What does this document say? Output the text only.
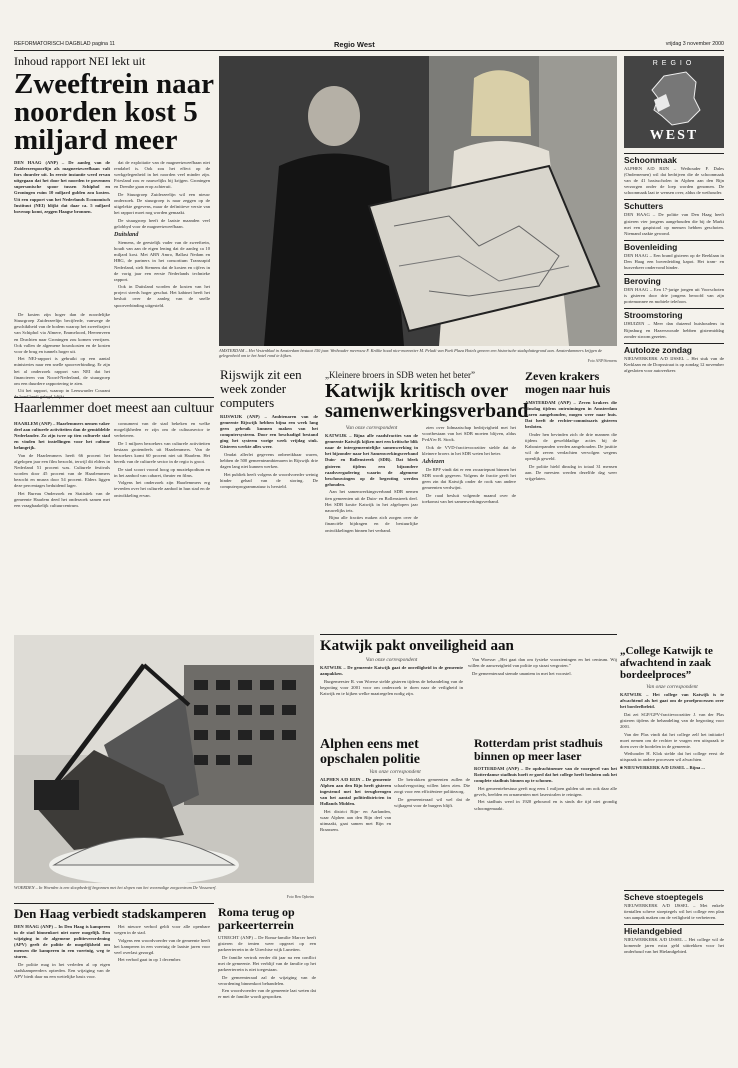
REFORMATORISCH DAGBLAD pagina 11	Regio West	vrijdag 3 november 2000
Inhoud rapport NEI lekt uit
Zweeftrein naar noorden kost 5 miljard meer
DEN HAAG (ANP) – De aanleg van de Zuiderzeespoorlijn als magneetzweefbaan valt fors duurder uit. In eerste instantie werd ervan uitgegaan dat het door het noorden te povennen supersonische spoor tussen Schiphol en Groningen ruim 10 miljard gulden zou kosten. Uit een rapport van het Nederlands Economisch Instituut (NEI) blijkt dat daar ca. 5 miljard bovenop komt, zeggen Haagse bronnen.

dat de exploitatie van de magneetzweefbaan niet rendabel is. Ook zou het effect op de werkgelegenheid in het noorden veel minder zijn. Friesland zou er nauwelijks bij krijgen. Groningen en Drenthe gaan erop achteruit.

De Stuurgroep Zuiderzeelijn wil een nieuw onderzoek. De stuurgroep is naar zeggen op de uitgelekte gegevens, maar de definitieve versie van het rapport moet nog worden gemaakt.

De stuurgroep heeft de laatste maanden veel gelobbyd voor de magneetzweefbaan.

Duitsland

Siemens, de geestelijk vader van de zweeftrein, houdt van aan de eigen lening dat de aanleg ca 10 miljard kost. Met ABN Amro, Ballast Nedam en HBG, de partners in het consortium Transrapid Nederland, stelt Siemens dat de kosten en cijfers in de vorig jaar een eerste Nederlands technieke rapport.

Ook in Duitsland worden de kosten van het project steeds hoger geschat. Het kabinet heeft het besluit over de aanleg van de snelle spoorverbinding uitgesteld.

De kosten zijn hoger dan de noordelijke Stuurgroep Zuiderzeelijn becijferde, vanwege de geschiktheid van de bodem waarop het zweeftraject van Schiphol via Almere, Emmeloord, Heerenveen en Drachten naar Groningen zou komen verrijzen. Ook vallen de algemene bouwkosten en de kosten voor de brug en tunnels hoger uit.

Het NEI-rapport is gebruikt op een aantal ministeries naar een snelle spoorverbinding. Er zijn het al onderzoek rapport van NEI dat het financieren van Noord-Nederland, de stuurgroep om een duurdere rapportering te zien.

Uit het rapport, waarop in Leeuwarder Courant

AMSTERDAM – Het Vestenblad in Amsterdam bestaat 150 jaar. Wethouder mevrouw F. Krikke hoad nice-marnetter M. Peladi van Park Plaza Hotels geneen een historische stadsplattegrond aan. Amsterdammers krijgen de gelegenheid om te het hotel rond te kijken.
Foto ANP/Siemens
Haarlemmer doet meest aan cultuur

HAARLEM (ANP) – Haarlemmers nemen vaker deel aan culturele activiteiten dan de gemiddelde Nederlander. Zo zijn twee op tien culturele stad en vinden het instellingen voor het cultuur belangrijk.

Van de Haarlemmers heeft 66 procent het afgelopen jaar een film bezocht, terwijl dit elders in Nederland 51 procent was. Culturele festivals worden door 45 procent van de Haarlemmers bezocht en musea door 54 procent. Elders liggen deze percentages beduidend lager.

Het Bureau Onderzoek en Statistiek van de gemeente Haarlem deed het onderzoek samen met een vraagbaakelijk cultuurcentrum.

consument van de stad bekeken en welke mogelijkheden er zijn om de cultuursector te verbeteren.

De 1 miljoen bezoekers van culturele activiteiten bestaan grotendeels uit Haarlemmers. Van de bezoekers komt 60 procent niet uit Haarlem. Het bereik van de culturele sector in de regio is groot.

De stad scoort vooral hoog op muziekpodium en in het aanbod van cabaret, theater en films.

Volgens het onderzoek zijn Haarlemmers erg tevreden over het culturele aanbod in hun stad en de ontwikkeling ervan.

Rijswijk zit een week zonder computers

RIJSWIJK (ANP) – Ambtenaren van de gemeente Rijswijk hebben bijna een week lang geen gebruik kunnen maken van het computersysteem. Door een beschadigd bestand ging het systeem vorige week vrijdag stuk. Gisteren werkte alles weer.

Omdat allerlei gegevens onbereikbaar waren, hebben de 500 gemeenteambtenaren in Rijswijk drie dagen lang niet kunnen werken.

Het publiek heeft volgens de woordvoerder weinig hinder gehad van de storing. De computerprogrammatuur is hersteld.

„Kleinere broers in SDB weten het beter”
Katwijk kritisch over samenwerkingsverband
Van onze correspondent

KATWIJK – Bijna alle raadsfracties van de gemeente Katwijk kijken met een kritische blik naar de intergemeentelijke samenwerking in het bijzonder naar het Samenwerkingsverband Duin- en Bollenstreek (SDB). Dat bleek gisteren tijdens een bijzondere raadsvergadering waarin de algemene beschouwingen op de begroting werden gehouden.

Aan het samenwerkingsverband SDB nemen tien gemeenten uit de Duin- en Bollenstreek deel. Het SDB kostte Katwijk in het afgelopen jaar nauwelijks iets.

Bijna alle fracties maken zich zorgen over de financiële bijdragen en de bestuurlijke ontwikkelingen binnen het verband.

zien over lidmaatschap bedrijvigheid met het voortbestaan van het SDB moeten blijven, aldus PvdA'er R. Stock.

Ook de VVD-fractievoorzitter stelde dat de kleinere broers in het SDB weten het beter.

Adviezen

De RPF vindt dat er een zwaartepunt binnen het SDB wordt gegeven. Volgens de fractie geeft het geen zin dat Katwijk onder de rook van andere gemeenten verdwijnt.

De raad besluit volgende maand over de toekomst van het samenwerkingsverband.

Zeven krakers mogen naar huis

AMSTERDAM (ANP) – Zeven krakers die dinsdag tijdens ontruimingen in Amsterdam waren aangehouden, mogen weer naar huis. Dat heeft de rechter-commissaris gisteren besloten.

Onder hen bevinden zich de drie mannen die tijdens de gewelddadige acties bij de Kabouterpanden werden aangehouden. De justitie wil de zeven verdachten vervolgen wegens openlijk geweld.

De politie hield dinsdag in totaal 31 mensen aan. De meesten werden dezelfde dag weer vrijgelaten.

WOERDEN – In Woerden is een sloopbedrijf begonnen met het slopen van het voormalige zorgcentrum De Vossenerf.
Foto Ben Opheim
Katwijk pakt onveiligheid aan
Van onze correspondent

KATWIJK – De gemeente Katwijk gaat de onveiligheid in de gemeente aanpakken.

Burgemeester R. van Woerse stelde gisteren tijdens de behandeling van de begroting voor 2001 voor om onderzoek te doen naar de veiligheid in Katwijk en te kijken welke maatregelen nodig zijn.

Van Woesse: „Het gaat dan om fysieke voorzieningen en het centrum. Wij willen de aanwezigheid van politie op straat vergroten.”

De gemeenteraad stemde unaniem in met het voorstel.

Alphen eens met opschalen politie
Van onze correspondent

ALPHEN A/D RIJN – De gemeente Alphen aan den Rijn heeft gisteren ingestemd met het terugbrengen van het aantal politiedistricten in Hollands Midden.

Het district Rijn- en Aarlanden, waar Alphen aan den Rijn deel van uitmaakt, gaat samen met Rijn en Braassem.

De betrokken gemeenten zullen de schaalvergroting willen laten zien. Die zorgt voor een efficiëntere politiezorg.

De gemeenteraad wil wel dat de wijkagent voor de burgers blijft.

Rotterdam prist stadhuis binnen op meer laser

ROTTERDAM (ANP) – De opdrachtnemer van de voorgevel van het Rotterdamse stadhuis hoeft er goed dat het college heeft besloten ook het complete stadhuis binnen op te schonen.

Het gemeentebestuur geeft nog eens 1 miljoen gulden uit om ook daar alle gevels, beelden en ornamenten met laserstralen te reinigen.

Het stadhuis werd in 1920 gebouwd en is sinds die tijd niet grondig schoongemaakt.

„College Katwijk te afwachtend in zaak bordeelproces”
Van onze correspondent

KATWIJK – Het college van Katwijk is te afwachtend als het gaat om de proefprocessen over het bordeelbeleid.

Dat zei SGP/GPV-fractievoorzitter J. van der Plas gisteren tijdens de behandeling van de begroting voor 2001.

Van der Plas vindt dat het college zelf het initiatief moet nemen om de rechter te vragen een uitspraak te doen over de bordelen in de gemeente.

Wethouder H. Klok stelde dat het college eerst de uitspraak in andere processen wil afwachten.

■ NIEUWERKERK A/D IJSSEL – Bijna ...

Den Haag verbiedt stadskamperen

DEN HAAG (ANP) – In Den Haag is kamperen in de stad binnenkort niet meer mogelijk. Een wijziging in de algemene politieverordening (APV) geeft de politie de mogelijkheid om mensen die kamperen in een voertuig, weg te sturen.

De politie mag in het verleden al op eigen stadskampeerders optreden. Een wijziging van de APV biedt daar nu een wettelijke basis voor.

Het nieuwe verbod geldt voor alle openbare wegen in de stad.

Volgens een woordvoerder van de gemeente heeft het kamperen in een voertuig de laatste jaren voor veel overlast gezorgd.

Het verbod gaat in op 1 december.

Roma terug op parkeerterrein

UTRECHT (ANP) – De Roma-familie Marcer heeft gisteren de tenten weer opgezet op een parkeerterrein in de Utrechtse wijk Lunetten.

De familie vertrok eerder dit jaar na een conflict met de gemeente. Het verblijf van de familie op het parkeerterrein is niet toegestaan.

De gemeenteraad zal de wijziging van de verordening binnenkort behandelen.

Een woordvoerder van de gemeente laat weten dat er met de familie wordt gesproken.

REGIO
WEST
Schoonmaak
ALPHEN A/D RIJN – Wethouder F. Dales (Ondernemen) wil dat bedrijven die de schoonmaak van de 41 basisscholen in Alphen aan den Rijn verzorgen onder de loep worden genomen. De schoonmaak laat te wensen over, aldus de wethouder.
Schutters
DEN HAAG – De politie van Den Haag heeft gisteren vier jongens aangehouden die bij de Markt met een gaspistool op mensen hebben geschoten. Niemand raakte gewond.
Bovenleiding
DEN HAAG – Een brand gisteren op de Beeklaan in Den Haag een bovenleiding kapot. Het tram- en busverkeer ondervond hinder.
Beroving
DEN HAAG – Een 17-jarige jongen uit Voorschoten is gisteren door drie jongens beroofd van zijn portemonnee en mobiele telefoon.
Stroomstoring
IJHUIZEN – Meer dan duizend huishoudens in Rijnsburg en Hazerswoude hebben gistermiddag zonder stroom gezeten.
Autoloze zondag
NIEUWERKERK A/D IJSSEL – Het stuk van de Kerklaan en de Dorpsstraat is op zondag 12 november afgesloten voor autoverkeer.
Scheve stoeptegels
NIEUWERKERK A/D IJSSEL – Met enkele tientallen scheve stoeptegels wil het college een plan van aanpak maken om de veiligheid te verbeteren.
Hielandgebied
NIEUWERKERK A/D IJSSEL – Het college wil de komende jaren extra geld uittrekken voor het onderhoud van het Hielandgebied.
